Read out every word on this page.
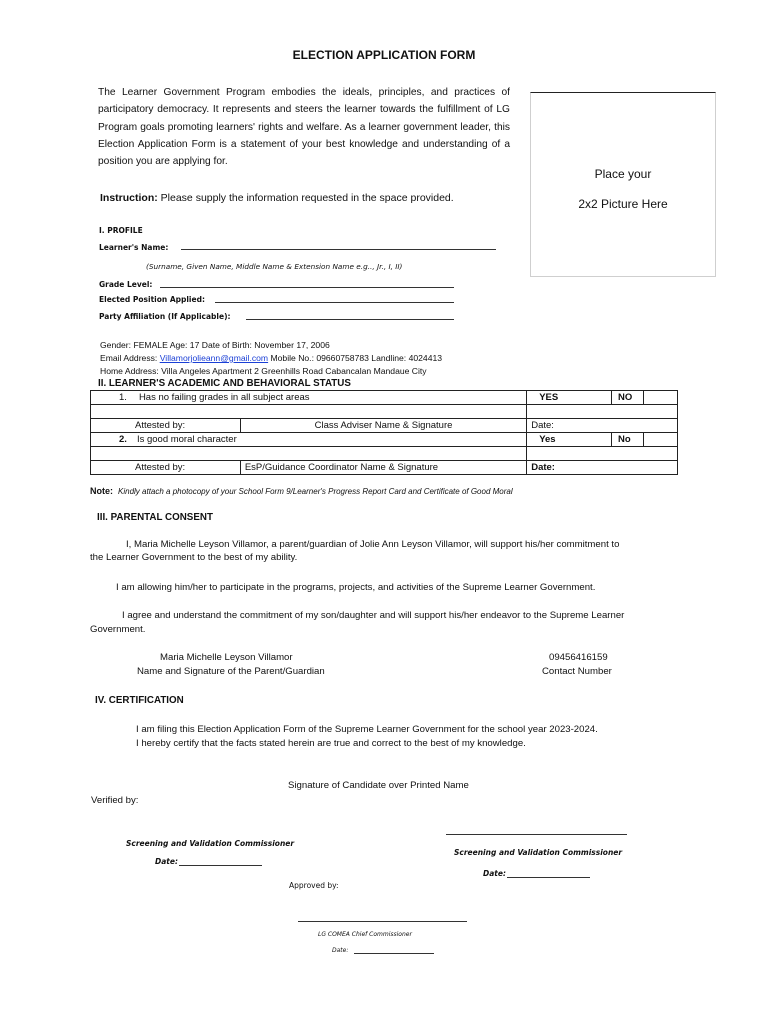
ELECTION APPLICATION FORM
The Learner Government Program embodies the ideals, principles, and practices of participatory democracy. It represents and steers the learner towards the fulfillment of LG Program goals promoting learners' rights and welfare. As a learner government leader, this Election Application Form is a statement of your best knowledge and understanding of a position you are applying for.
Place your
2x2 Picture Here
Instruction: Please supply the information requested in the space provided.
I. PROFILE
Learner's Name:
(Surname, Given Name, Middle Name & Extension Name e.g.., Jr., I, II)
Grade Level:
Elected Position Applied:
Party Affiliation (If Applicable):
Gender: FEMALE Age: 17 Date of Birth: November 17, 2006
Email Address: Villamorjolieann@gmail.com Mobile No.: 09660758783 Landline: 4024413
Home Address: Villa Angeles Apartment 2 Greenhills Road Cabancalan Mandaue City
II. LEARNER'S ACADEMIC AND BEHAVIORAL STATUS
1. Has no failing grades in all subject areas		YES	NO	

Attested by:	Class Adviser Name & Signature	Date:		
2. Is good moral character		Yes	No	

Attested by:	EsP/Guidance Coordinator Name & Signature	Date:		
Note: Kindly attach a photocopy of your School Form 9/Learner's Progress Report Card and Certificate of Good Moral
III. PARENTAL CONSENT
I, Maria Michelle Leyson Villamor, a parent/guardian of Jolie Ann Leyson Villamor, will support his/her commitment to
the Learner Government to the best of my ability.
I am allowing him/her to participate in the programs, projects, and activities of the Supreme Learner Government.
I agree and understand the commitment of my son/daughter and will support his/her endeavor to the Supreme Learner
Government.
Maria Michelle Leyson Villamor
Name and Signature of the Parent/Guardian
09456416159
Contact Number
IV. CERTIFICATION
I am filing this Election Application Form of the Supreme Learner Government for the school year 2023-2024.
I hereby certify that the facts stated herein are true and correct to the best of my knowledge.
Signature of Candidate over Printed Name
Verified by:
Screening and Validation Commissioner
Date:
Screening and Validation Commissioner
Date:
Approved by:
LG COMEA Chief Commissioner
Date:
